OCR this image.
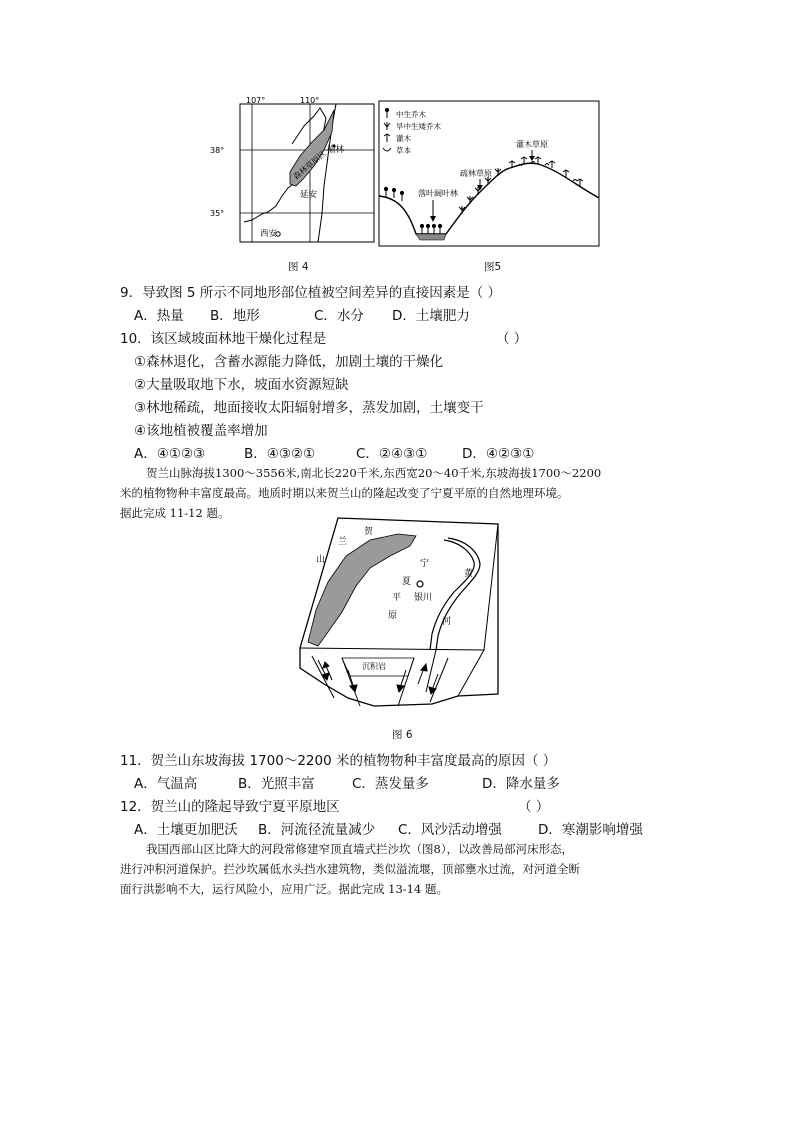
森林草原区 榆林
延安
西安
107°	110°
38°
35°
图 4
中生乔木
旱中生矮乔木
灌木
草本
灌木草原
疏林草原
落叶阔叶林
图5
9．导致图 5 所示不同地形部位植被空间差异的直接因素是（ ）
A．热量 B．地形	C．水分 D．土壤肥力
10．该区域坡面林地干燥化过程是	（ ）
①森林退化，含蓄水源能力降低，加剧土壤的干燥化
②大量吸取地下水，坡面水资源短缺
③林地稀疏，地面接收太阳辐射增多，蒸发加剧，土壤变干
④该地植被覆盖率增加
A．④①②③	B．④③②①	C．②④③①	D．④②③①
贺兰山脉海拔1300～3556米,南北长220千米,东西宽20～40千米,东坡海拔1700～2200
米的植物物种丰富度最高。地质时期以来贺兰山的隆起改变了宁夏平原的自然地理环境。
据此完成 11-12 题。
贺
兰
山	宁
夏
平
原
银川
黄
河
沉积岩
图 6
11．贺兰山东坡海拔 1700～2200 米的植物物种丰富度最高的原因（ ）
A．气温高	B．光照丰富	C．蒸发量多	D．降水量多
12．贺兰山的隆起导致宁夏平原地区	（ ）
A．土壤更加肥沃 B．河流径流量减少 C．风沙活动增强	D．寒潮影响增强
我国西部山区比降大的河段常修建窄顶直墙式拦沙坎（图8），以改善局部河床形态，
进行冲积河道保护。拦沙坎属低水头挡水建筑物，类似溢流堰，顶部壅水过流，对河道全断
面行洪影响不大，运行风险小，应用广泛。据此完成 13-14 题。
